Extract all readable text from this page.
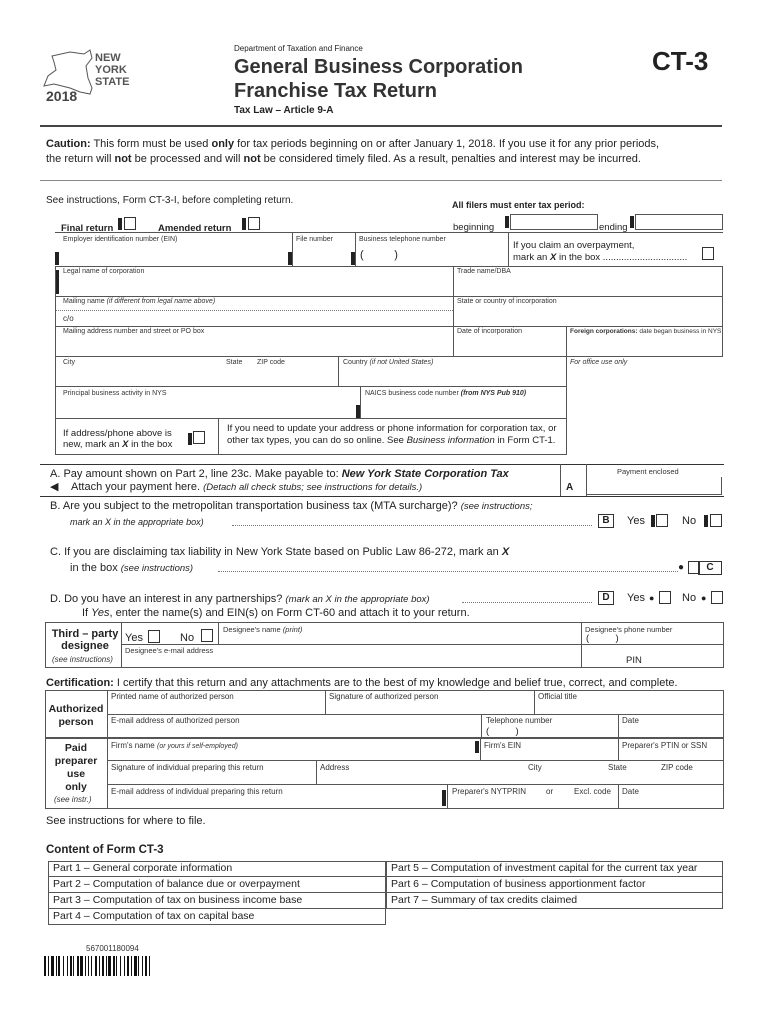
NEW
YORK
STATE
2018
Department of Taxation and Finance
General Business Corporation
Franchise Tax Return
Tax Law – Article 9-A
CT-3
Caution: This form must be used only for tax periods beginning on or after January 1, 2018. If you use it for any prior periods,
the return will not be processed and will not be considered timely filed. As a result, penalties and interest may be incurred.
See instructions, Form CT-3-I, before completing return.	All filers must enter tax period:
Final return	Amended return	beginning	ending
Employer identification number (EIN)	File number	Business telephone number
(          )
If you claim an overpayment,
mark an X in the box ................................
Legal name of corporation	Trade name/DBA
Mailing name (if different from legal name above)	State or country of incorporation
c/o
Mailing address number and street or PO box	Date of incorporation	Foreign corporations: date began business in NYS
City	State ZIP code	Country (if not United States)	For office use only
Principal business activity in NYS	NAICS business code number (from NYS Pub 910)
If address/phone above is
new, mark an X in the box
If you need to update your address or phone information for corporation tax, or
other tax types, you can do so online. See Business information in Form CT-1.
A. Pay amount shown on Part 2, line 23c. Make payable to: New York State Corporation Tax
◀ Attach your payment here. (Detach all check stubs; see instructions for details.)	A
Payment enclosed
B. Are you subject to the metropolitan transportation business tax (MTA surcharge)? (see instructions;
mark an X in the appropriate box)	B	Yes	No
C. If you are disclaiming tax liability in New York State based on Public Law 86-272, mark an X
in the box (see instructions)	●	C
D. Do you have an interest in any partnerships? (mark an X in the appropriate box)	D	Yes ●	No ●
If Yes, enter the name(s) and EIN(s) on Form CT-60 and attach it to your return.
Third – party
designee
(see instructions)
Yes	No
Designee's name (print)	Designee's phone number
(          )
Designee's e-mail address
PIN
Certification: I certify that this return and any attachments are to the best of my knowledge and belief true, correct, and complete.
Authorized
person
Printed name of authorized person	Signature of authorized person	Official title
E-mail address of authorized person	Telephone number
(          )
Date
Paid
preparer
use
only
(see instr.)
Firm's name (or yours if self-employed)	Firm's EIN	Preparer's PTIN or SSN
Signature of individual preparing this return	Address	City	State	ZIP code
E-mail address of individual preparing this return	Preparer's NYTPRIN	or	Excl. code Date
See instructions for where to file.
Content of Form CT-3
Part 1 – General corporate information
Part 2 – Computation of balance due or overpayment
Part 3 – Computation of tax on business income base
Part 4 – Computation of tax on capital base
Part 5 – Computation of investment capital for the current tax year
Part 6 – Computation of business apportionment factor
Part 7 – Summary of tax credits claimed
567001180094
